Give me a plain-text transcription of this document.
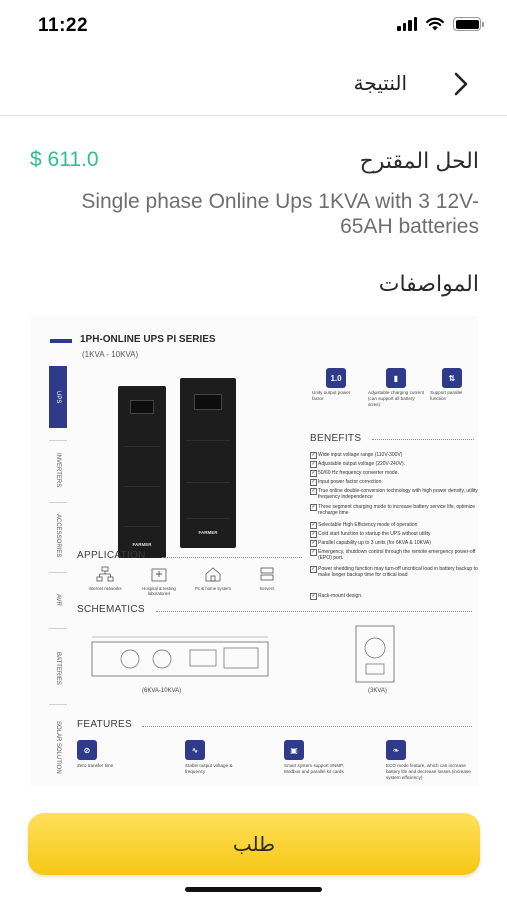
11:22
النتيجة
$ 611.0	الحل المقترح
Single phase Online Ups 1KVA with 3 12V-65AH batteries
المواصفات
1PH-ONLINE UPS PI SERIES
(1KVA - 10KVA)
UPS
INVERTERS
ACCESSORIES
AVR
BATTERIES
SOLAR SOLUTION
FARMER
FARMER
1.0
Unity output power factor
▮
Adjustable charging current (can support all battery sizes)
⇅
Support parallel function
BENEFITS
✓ Wide input voltage range (110V-300V)
✓ Adjustable output voltage (220V-240V).
✓ 50/60 Hz frequency converter mode.
✓ Input power factor correction.
✓ True online double-conversion technology with high power density, utility frequency independence
✓ Three segment charging mode to increase battery service life, optimize recharge time
✓ Selectable High Efficiency mode of operation
✓ Cold start function to startup the UPS without utility
✓ Parallel capability up to 3 units (for 6KVA & 10KVA)
✓ Emergency, shutdown control through the remote emergency power-off (EPO) port.
✓ Power shedding function may turn-off uncritical load in battery backup to make longer backup time for critical load
✓ Rack-mount design.
APPLICATION
Internet networks	Hospital & testing laboratories
Pc & home system	Servers
SCHEMATICS
(6KVA-10KVA)	(3KVA)
FEATURES
⊘
Zero transfer time
∿
Stable output voltage & frequency
▣
Smart system support SNMP, Modbus and parallel kit cards
❧
ECO mode feature, which can increase battery life and decrease losses (increase system efficiency)
طلب
